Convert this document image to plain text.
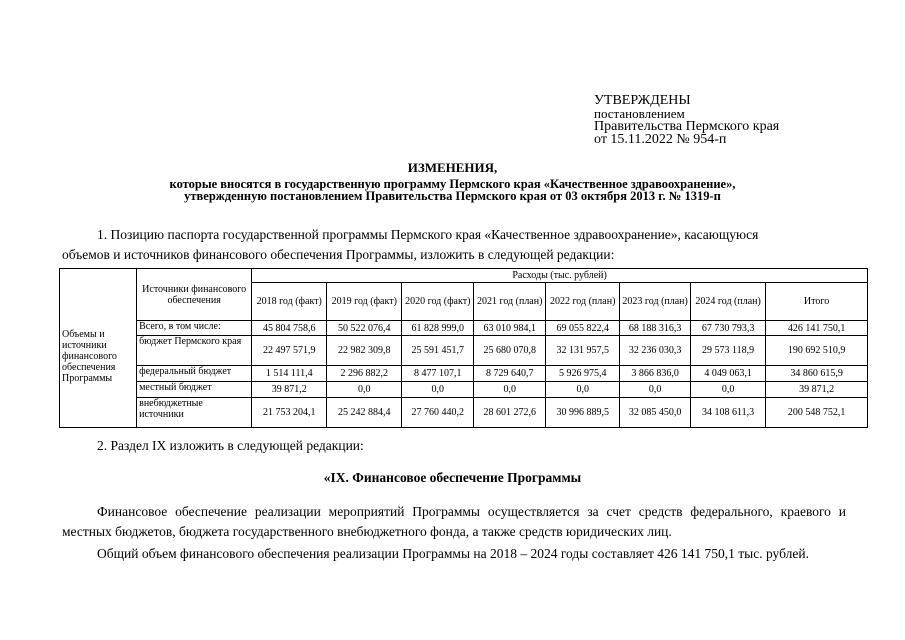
УТВЕРЖДЕНЫ
постановлением
Правительства Пермского края
от 15.11.2022 № 954-п
ИЗМЕНЕНИЯ,
которые вносятся в государственную программу Пермского края «Качественное здравоохранение»,
утвержденную постановлением Правительства Пермского края от 03 октября 2013 г. № 1319-п
1. Позицию паспорта государственной программы Пермского края «Качественное здравоохранение», касающуюся
объемов и источников финансового обеспечения Программы, изложить в следующей редакции:
Объемы и источники финансового обеспечения Программы	Источники финансового обеспечения	Расходы (тыс. рублей)							
		2018 год (факт)	2019 год (факт)	2020 год (факт)	2021 год (план)	2022 год (план)	2023 год (план)	2024 год (план)	Итого
	Всего, в том числе:	45 804 758,6	50 522 076,4	61 828 999,0	63 010 984,1	69 055 822,4	68 188 316,3	67 730 793,3	426 141 750,1
	бюджет Пермского края	22 497 571,9	22 982 309,8	25 591 451,7	25 680 070,8	32 131 957,5	32 236 030,3	29 573 118,9	190 692 510,9
	федеральный бюджет	1 514 111,4	2 296 882,2	8 477 107,1	8 729 640,7	5 926 975,4	3 866 836,0	4 049 063,1	34 860 615,9
	местный бюджет	39 871,2	0,0	0,0	0,0	0,0	0,0	0,0	39 871,2
	внебюджетные источники	21 753 204,1	25 242 884,4	27 760 440,2	28 601 272,6	30 996 889,5	32 085 450,0	34 108 611,3	200 548 752,1
2. Раздел IX изложить в следующей редакции:
«IX. Финансовое обеспечение Программы
Финансовое обеспечение реализации мероприятий Программы осуществляется за счет средств федерального, краевого и местных бюджетов, бюджета государственного внебюджетного фонда, а также средств юридических лиц.
Общий объем финансового обеспечения реализации Программы на 2018 – 2024 годы составляет 426 141 750,1 тыс. рублей.
